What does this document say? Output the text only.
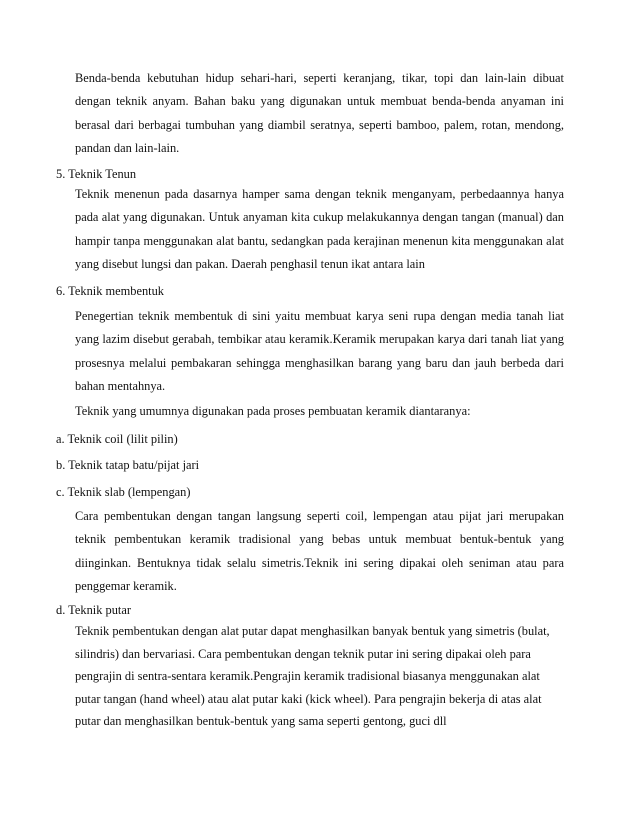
Benda-benda kebutuhan hidup sehari-hari, seperti keranjang, tikar, topi dan lain-lain dibuat dengan teknik anyam. Bahan baku yang digunakan untuk membuat benda-benda anyaman ini berasal dari berbagai tumbuhan yang diambil seratnya, seperti bamboo, palem, rotan, mendong, pandan dan lain-lain.

5. Teknik Tenun

Teknik menenun pada dasarnya hamper sama dengan teknik menganyam, perbedaannya hanya pada alat yang digunakan. Untuk anyaman kita cukup melakukannya dengan tangan (manual) dan hampir tanpa menggunakan alat bantu, sedangkan pada kerajinan menenun kita menggunakan alat yang disebut lungsi dan pakan. Daerah penghasil tenun ikat antara lain

6. Teknik membentuk

Penegertian teknik membentuk di sini yaitu membuat karya seni rupa dengan media tanah liat yang lazim disebut gerabah, tembikar atau keramik.Keramik merupakan karya dari tanah liat yang prosesnya melalui pembakaran sehingga menghasilkan barang yang baru dan jauh berbeda dari bahan mentahnya.

Teknik yang umumnya digunakan pada proses pembuatan keramik diantaranya:

a. Teknik coil (lilit pilin)

b. Teknik tatap batu/pijat jari

c. Teknik slab (lempengan)

Cara pembentukan dengan tangan langsung seperti coil, lempengan atau pijat jari merupakan teknik pembentukan keramik tradisional yang bebas untuk membuat bentuk-bentuk yang diinginkan. Bentuknya tidak selalu simetris.Teknik ini sering dipakai oleh seniman atau para penggemar keramik.

d. Teknik putar

Teknik pembentukan dengan alat putar dapat menghasilkan banyak bentuk yang simetris (bulat, silindris) dan bervariasi. Cara pembentukan dengan teknik putar ini sering dipakai oleh para pengrajin di sentra-sentara keramik.Pengrajin keramik tradisional biasanya menggunakan alat putar tangan (hand wheel) atau alat putar kaki (kick wheel). Para pengrajin bekerja di atas alat putar dan menghasilkan bentuk-bentuk yang sama seperti gentong, guci dll
